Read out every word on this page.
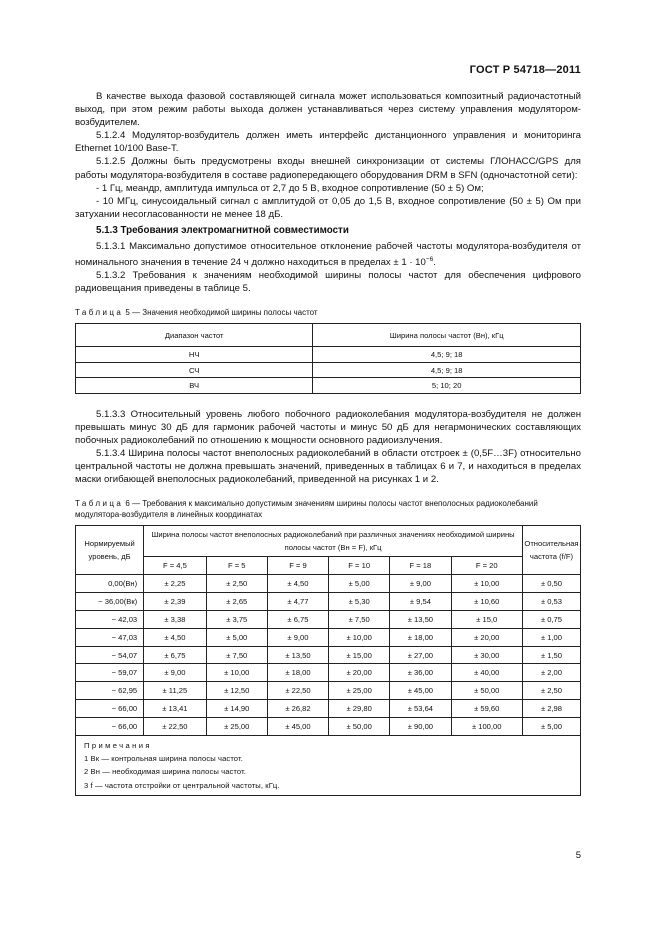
ГОСТ Р 54718—2011

В качестве выхода фазовой составляющей сигнала может использоваться композитный радиочастотный выход, при этом режим работы выхода должен устанавливаться через систему управления модулятором-возбудителем.

5.1.2.4 Модулятор-возбудитель должен иметь интерфейс дистанционного управления и мониторинга Ethernet 10/100 Base-T.

5.1.2.5 Должны быть предусмотрены входы внешней синхронизации от системы ГЛОНАСС/GPS для работы модулятора-возбудителя в составе радиопередающего оборудования DRM в SFN (одночастотной сети):

- 1 Гц, меандр, амплитуда импульса от 2,7 до 5 В, входное сопротивление (50 ± 5) Ом;

- 10 МГц, синусоидальный сигнал с амплитудой от 0,05 до 1,5 В, входное сопротивление (50 ± 5) Ом при затухании несогласованности не менее 18 дБ.

5.1.3 Требования электромагнитной совместимости

5.1.3.1 Максимально допустимое относительное отклонение рабочей частоты модулятора-возбудителя от номинального значения в течение 24 ч должно находиться в пределах ± $1 \cdot 10^{-6}$.

5.1.3.2 Требования к значениям необходимой ширины полосы частот для обеспечения цифрового радиовещания приведены в таблице 5.

Таблица 5 — Значения необходимой ширины полосы частот
Диапазон частот	Ширина полосы частот (Вн), кГц
НЧ	4,5; 9; 18
СЧ	4,5; 9; 18
ВЧ	5; 10; 20

5.1.3.3 Относительный уровень любого побочного радиоколебания модулятора-возбудителя не должен превышать минус 30 дБ для гармоник рабочей частоты и минус 50 дБ для негармонических составляющих побочных радиоколебаний по отношению к мощности основного радиоизлучения.

5.1.3.4 Ширина полосы частот внеполосных радиоколебаний в области отстроек ± (0,5F…3F) относительно центральной частоты не должна превышать значений, приведенных в таблицах 6 и 7, и находиться в пределах маски огибающей внеполосных радиоколебаний, приведенной на рисунках 1 и 2.

Таблица 6 — Требования к максимально допустимым значениям ширины полосы частот внеполосных радиоколебаний модулятора-возбудителя в линейных координатах
Нормируемый уровень, дБ	Ширина полосы частот внеполосных радиоколебаний при различных значениях необходимой ширины полосы частот (Вн = F), кГц						Относительная частота (f/F)
	F = 4,5	F = 5	F = 9	F = 10	F = 18	F = 20	
0,00(Вн)	± 2,25	± 2,50	± 4,50	± 5,00	± 9,00	± 10,00	± 0,50
− 36,00(Вк)	± 2,39	± 2,65	± 4,77	± 5,30	± 9,54	± 10,60	± 0,53
− 42,03	± 3,38	± 3,75	± 6,75	± 7,50	± 13,50	± 15,0	± 0,75
− 47,03	± 4,50	± 5,00	± 9,00	± 10,00	± 18,00	± 20,00	± 1,00
− 54,07	± 6,75	± 7,50	± 13,50	± 15,00	± 27,00	± 30,00	± 1,50
− 59,07	± 9,00	± 10,00	± 18,00	± 20,00	± 36,00	± 40,00	± 2,00
− 62,95	± 11,25	± 12,50	± 22,50	± 25,00	± 45,00	± 50,00	± 2,50
− 66,00	± 13,41	± 14,90	± 26,82	± 29,80	± 53,64	± 59,60	± 2,98
− 66,00	± 22,50	± 25,00	± 45,00	± 50,00	± 90,00	± 100,00	± 5,00

Примечания
1 Вк — контрольная ширина полосы частот.
2 Вн — необходимая ширина полосы частот.
3 f — частота отстройки от центральной частоты, кГц.							
5
